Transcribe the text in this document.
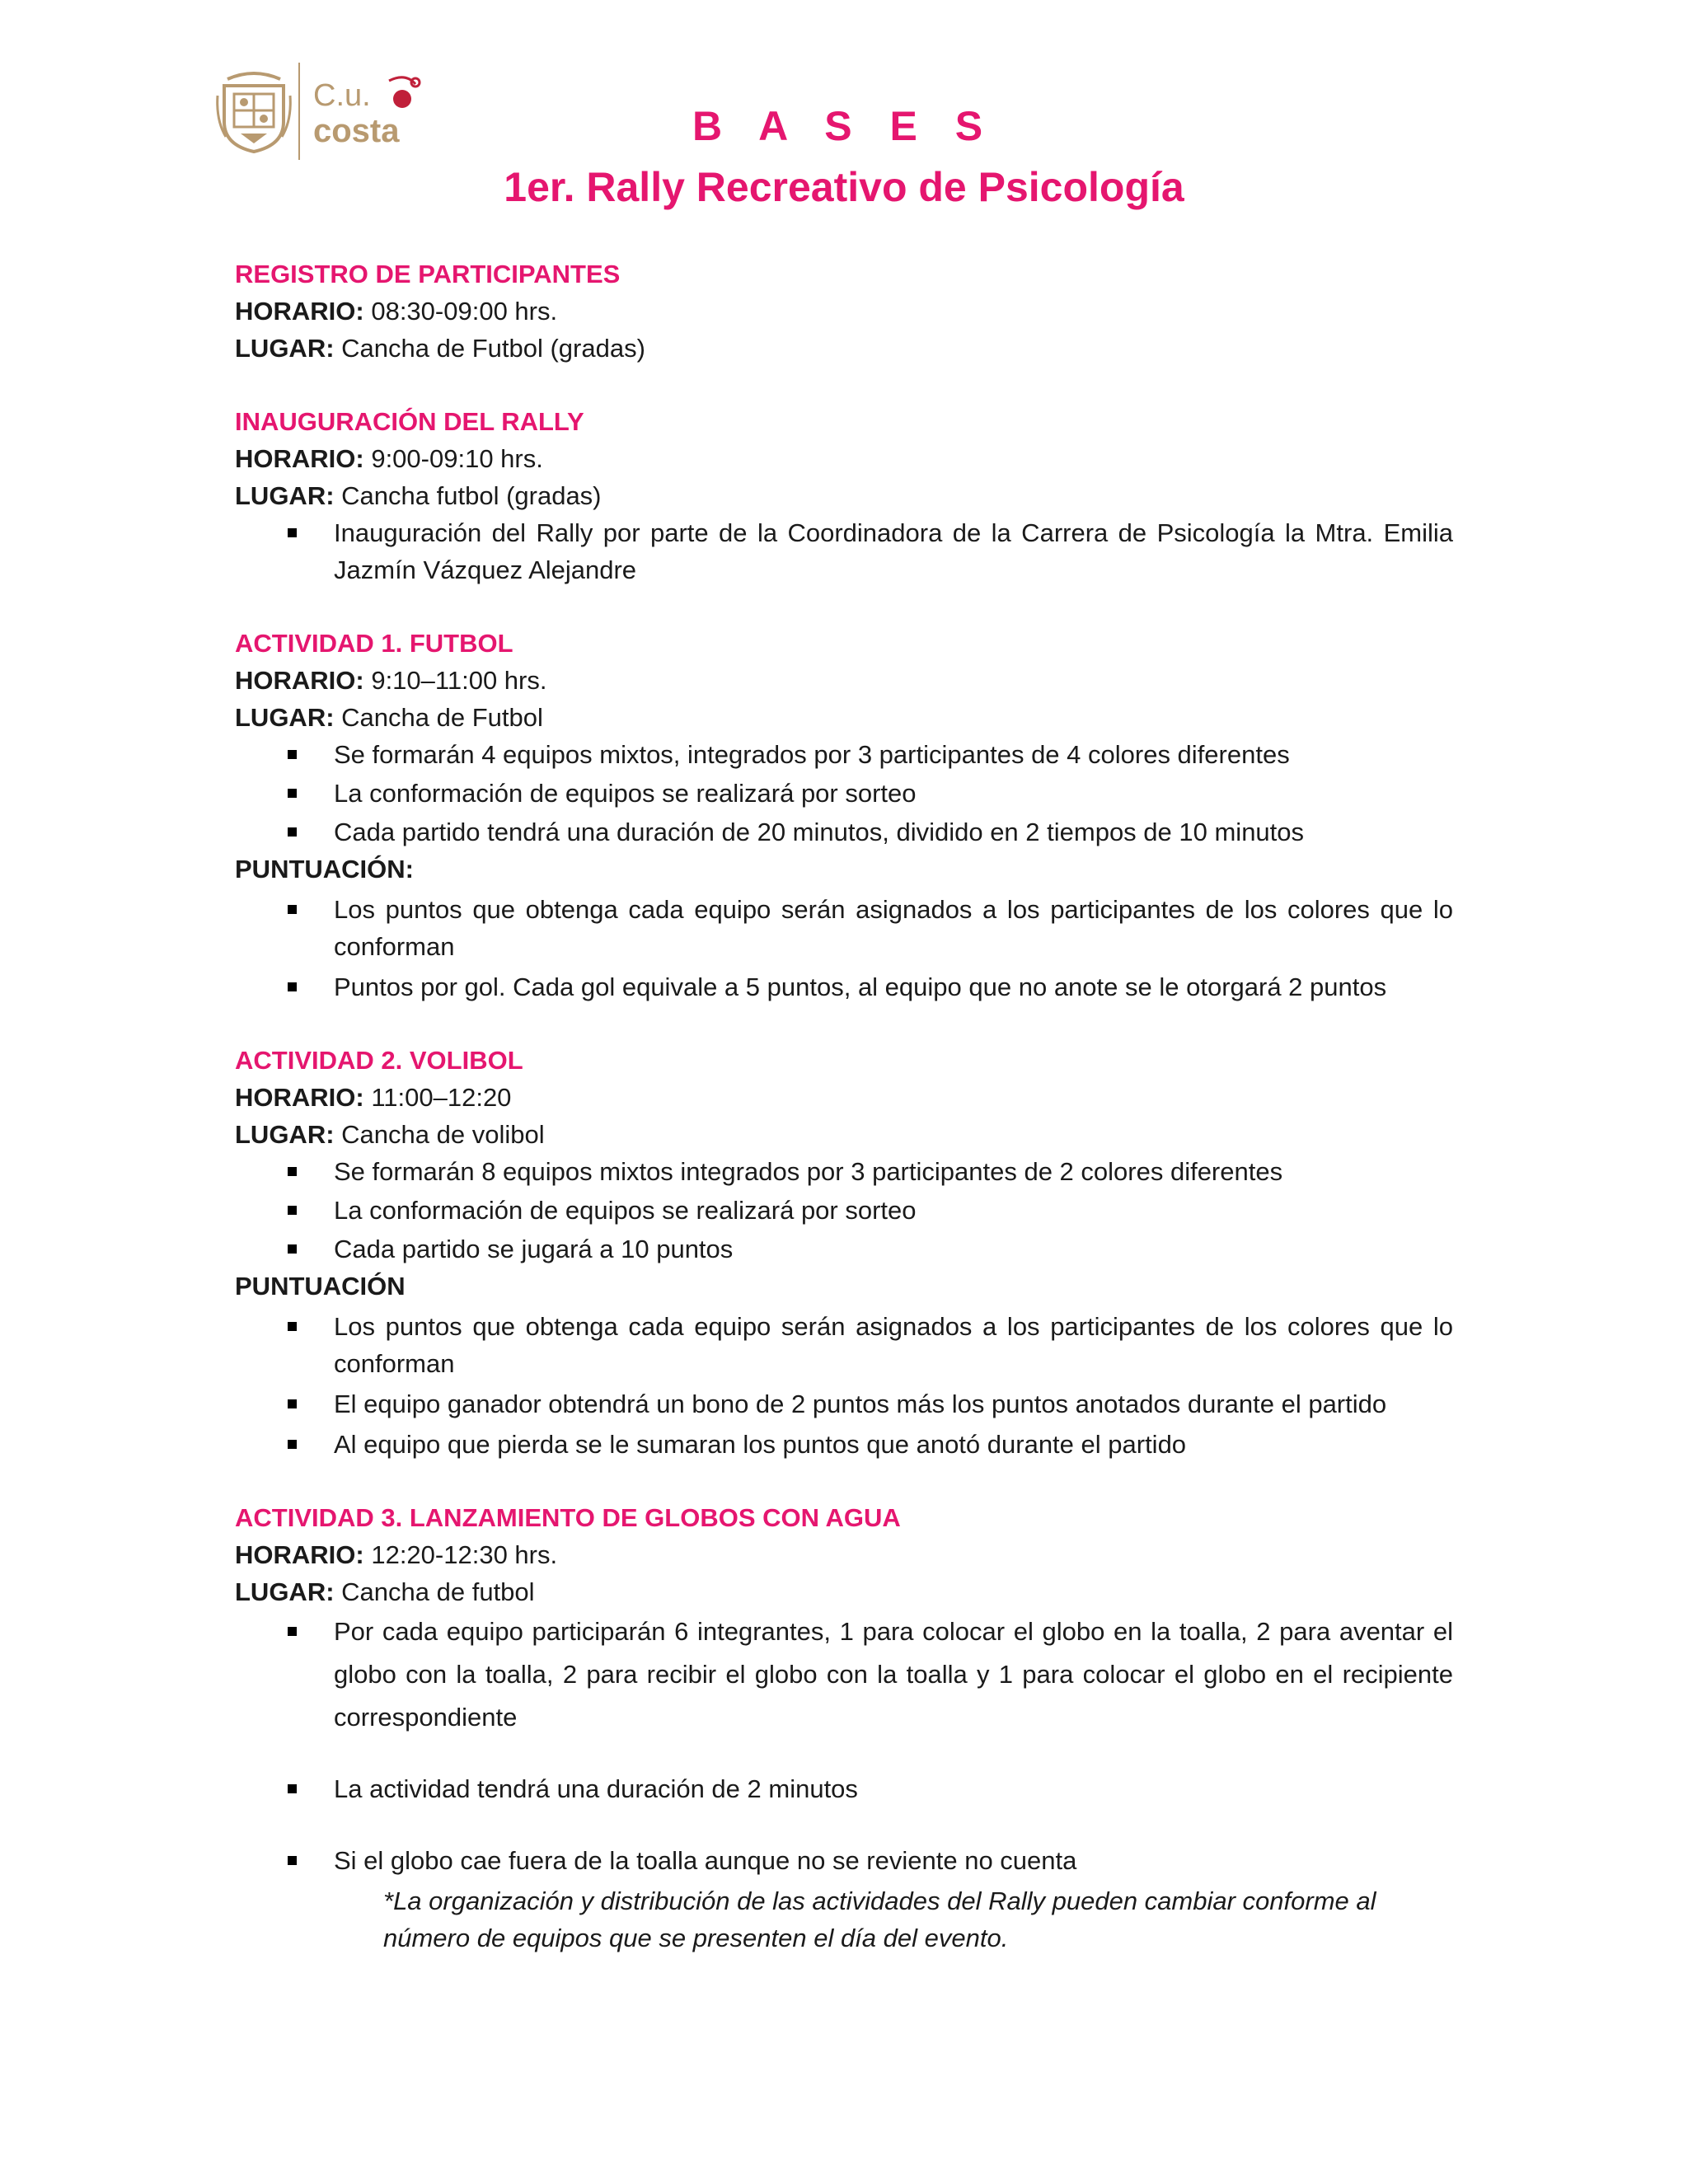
C.u.
costa	B A S E S
1er. Rally Recreativo de Psicología
REGISTRO DE PARTICIPANTES
HORARIO: 08:30-09:00 hrs.
LUGAR: Cancha de Futbol (gradas)
INAUGURACIÓN DEL RALLY
HORARIO: 9:00-09:10 hrs.
LUGAR: Cancha futbol (gradas)
Inauguración del Rally por parte de la Coordinadora de la Carrera de Psicología la Mtra. Emilia Jazmín Vázquez Alejandre
ACTIVIDAD 1. FUTBOL
HORARIO: 9:10–11:00 hrs.
LUGAR: Cancha de Futbol
Se formarán 4 equipos mixtos, integrados por 3 participantes de 4 colores diferentes
La conformación de equipos se realizará por sorteo
Cada partido tendrá una duración de 20 minutos, dividido en 2 tiempos de 10 minutos
PUNTUACIÓN:
Los puntos que obtenga cada equipo serán asignados a los participantes de los colores que lo conforman
Puntos por gol. Cada gol equivale a 5 puntos, al equipo que no anote se le otorgará 2 puntos
ACTIVIDAD 2. VOLIBOL
HORARIO: 11:00–12:20
LUGAR: Cancha de volibol
Se formarán 8 equipos mixtos integrados por 3 participantes de 2 colores diferentes
La conformación de equipos se realizará por sorteo
Cada partido se jugará a 10 puntos
PUNTUACIÓN
Los puntos que obtenga cada equipo serán asignados a los participantes de los colores que lo conforman
El equipo ganador obtendrá un bono de 2 puntos más los puntos anotados durante el partido
Al equipo que pierda se le sumaran los puntos que anotó durante el partido
ACTIVIDAD 3. LANZAMIENTO DE GLOBOS CON AGUA
HORARIO: 12:20-12:30 hrs.
LUGAR: Cancha de futbol
Por cada equipo participarán 6 integrantes, 1 para colocar el globo en la toalla, 2 para aventar el globo con la toalla, 2 para recibir el globo con la toalla y 1 para colocar el globo en el recipiente correspondiente
La actividad tendrá una duración de 2 minutos
Si el globo cae fuera de la toalla aunque no se reviente no cuenta
*La organización y distribución de las actividades del Rally pueden cambiar conforme al número de equipos que se presenten el día del evento.
